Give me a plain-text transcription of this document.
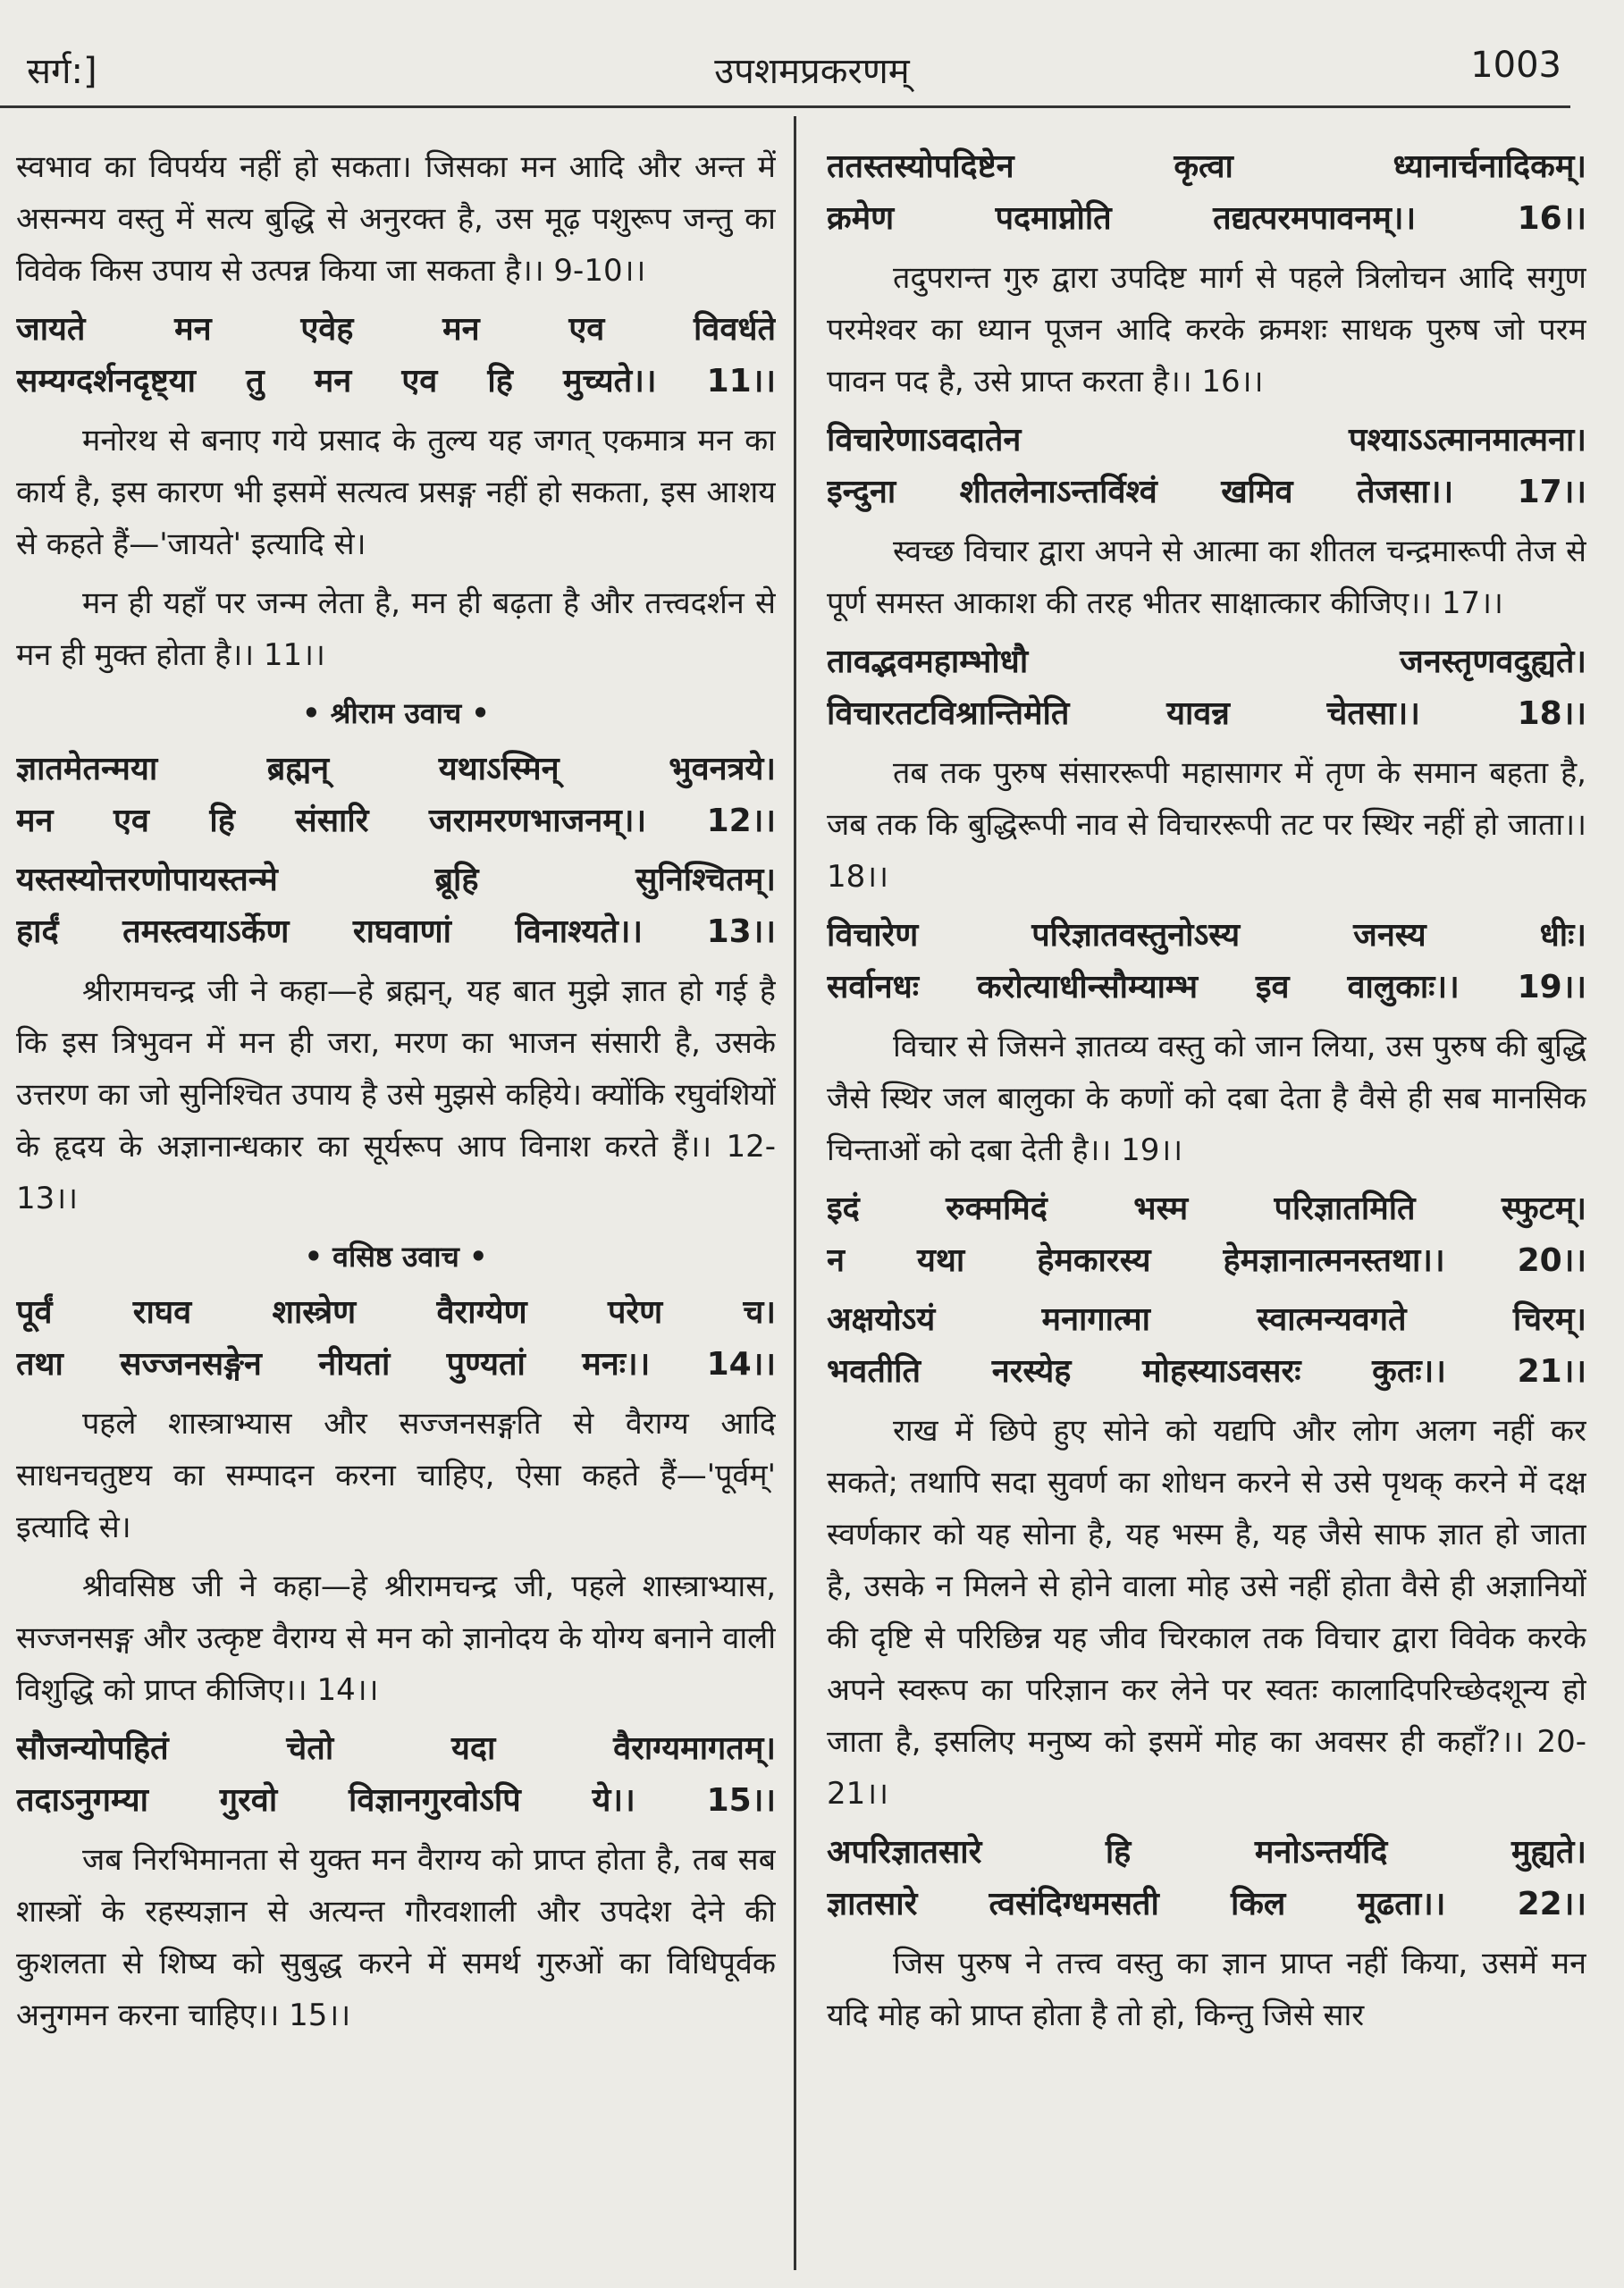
सर्ग:]	उपशमप्रकरणम्	1003
स्वभाव का विपर्यय नहीं हो सकता। जिसका मन आदि और अन्त में असन्मय वस्तु में सत्य बुद्धि से अनुरक्त है, उस मूढ़ पशुरूप जन्तु का विवेक किस उपाय से उत्पन्न किया जा सकता है।। 9-10।।
जायते मन एवेह मन एव विवर्धते
सम्यग्दर्शनदृष्ट्या तु मन एव हि मुच्यते।। 11।।
मनोरथ से बनाए गये प्रसाद के तुल्य यह जगत् एकमात्र मन का कार्य है, इस कारण भी इसमें सत्यत्व प्रसङ्ग नहीं हो सकता, इस आशय से कहते हैं—'जायते' इत्यादि से।
मन ही यहाँ पर जन्म लेता है, मन ही बढ़ता है और तत्त्वदर्शन से मन ही मुक्त होता है।। 11।।
• श्रीराम उवाच •
ज्ञातमेतन्मया ब्रह्मन् यथाऽस्मिन् भुवनत्रये।
मन एव हि संसारि जरामरणभाजनम्।। 12।।
यस्तस्योत्तरणोपायस्तन्मे ब्रूहि सुनिश्चितम्।
हार्दं तमस्त्वयाऽर्केण राघवाणां विनाश्यते।। 13।।
श्रीरामचन्द्र जी ने कहा—हे ब्रह्मन्, यह बात मुझे ज्ञात हो गई है कि इस त्रिभुवन में मन ही जरा, मरण का भाजन संसारी है, उसके उत्तरण का जो सुनिश्चित उपाय है उसे मुझसे कहिये। क्योंकि रघुवंशियों के हृदय के अज्ञानान्धकार का सूर्यरूप आप विनाश करते हैं।। 12-13।।
• वसिष्ठ उवाच •
पूर्वं राघव शास्त्रेण वैराग्येण परेण च।
तथा सज्जनसङ्गेन नीयतां पुण्यतां मनः।। 14।।
पहले शास्त्राभ्यास और सज्जनसङ्गति से वैराग्य आदि साधनचतुष्टय का सम्पादन करना चाहिए, ऐसा कहते हैं—'पूर्वम्' इत्यादि से।
श्रीवसिष्ठ जी ने कहा—हे श्रीरामचन्द्र जी, पहले शास्त्राभ्यास, सज्जनसङ्ग और उत्कृष्ट वैराग्य से मन को ज्ञानोदय के योग्य बनाने वाली विशुद्धि को प्राप्त कीजिए।। 14।।
सौजन्योपहितं चेतो यदा वैराग्यमागतम्।
तदाऽनुगम्या गुरवो विज्ञानगुरवोऽपि ये।। 15।।
जब निरभिमानता से युक्त मन वैराग्य को प्राप्त होता है, तब सब शास्त्रों के रहस्यज्ञान से अत्यन्त गौरवशाली और उपदेश देने की कुशलता से शिष्य को सुबुद्ध करने में समर्थ गुरुओं का विधिपूर्वक अनुगमन करना चाहिए।। 15।।
ततस्तस्योपदिष्टेन कृत्वा ध्यानार्चनादिकम्।
क्रमेण पदमाप्नोति तद्यत्परमपावनम्।। 16।।
तदुपरान्त गुरु द्वारा उपदिष्ट मार्ग से पहले त्रिलोचन आदि सगुण परमेश्वर का ध्यान पूजन आदि करके क्रमशः साधक पुरुष जो परम पावन पद है, उसे प्राप्त करता है।। 16।।
विचारेणाऽवदातेन पश्याऽऽत्मानमात्मना।
इन्दुना शीतलेनाऽन्तर्विश्वं खमिव तेजसा।। 17।।
स्वच्छ विचार द्वारा अपने से आत्मा का शीतल चन्द्रमारूपी तेज से पूर्ण समस्त आकाश की तरह भीतर साक्षात्कार कीजिए।। 17।।
तावद्भवमहाम्भोधौ जनस्तृणवदुह्यते।
विचारतटविश्रान्तिमेति यावन्न चेतसा।। 18।।
तब तक पुरुष संसाररूपी महासागर में तृण के समान बहता है, जब तक कि बुद्धिरूपी नाव से विचाररूपी तट पर स्थिर नहीं हो जाता।। 18।।
विचारेण परिज्ञातवस्तुनोऽस्य जनस्य धीः।
सर्वानधः करोत्याधीन्सौम्याम्भ इव वालुकाः।। 19।।
विचार से जिसने ज्ञातव्य वस्तु को जान लिया, उस पुरुष की बुद्धि जैसे स्थिर जल बालुका के कणों को दबा देता है वैसे ही सब मानसिक चिन्ताओं को दबा देती है।। 19।।
इदं रुक्ममिदं भस्म परिज्ञातमिति स्फुटम्।
न यथा हेमकारस्य हेमज्ञानात्मनस्तथा।। 20।।
अक्षयोऽयं मनागात्मा स्वात्मन्यवगते चिरम्।
भवतीति नरस्येह मोहस्याऽवसरः कुतः।। 21।।
राख में छिपे हुए सोने को यद्यपि और लोग अलग नहीं कर सकते; तथापि सदा सुवर्ण का शोधन करने से उसे पृथक् करने में दक्ष स्वर्णकार को यह सोना है, यह भस्म है, यह जैसे साफ ज्ञात हो जाता है, उसके न मिलने से होने वाला मोह उसे नहीं होता वैसे ही अज्ञानियों की दृष्टि से परिछिन्न यह जीव चिरकाल तक विचार द्वारा विवेक करके अपने स्वरूप का परिज्ञान कर लेने पर स्वतः कालादिपरिच्छेदशून्य हो जाता है, इसलिए मनुष्य को इसमें मोह का अवसर ही कहाँ?।। 20-21।।
अपरिज्ञातसारे हि मनोऽन्तर्यदि मुह्यते।
ज्ञातसारे त्वसंदिग्धमसती किल मूढता।। 22।।
जिस पुरुष ने तत्त्व वस्तु का ज्ञान प्राप्त नहीं किया, उसमें मन यदि मोह को प्राप्त होता है तो हो, किन्तु जिसे सार
